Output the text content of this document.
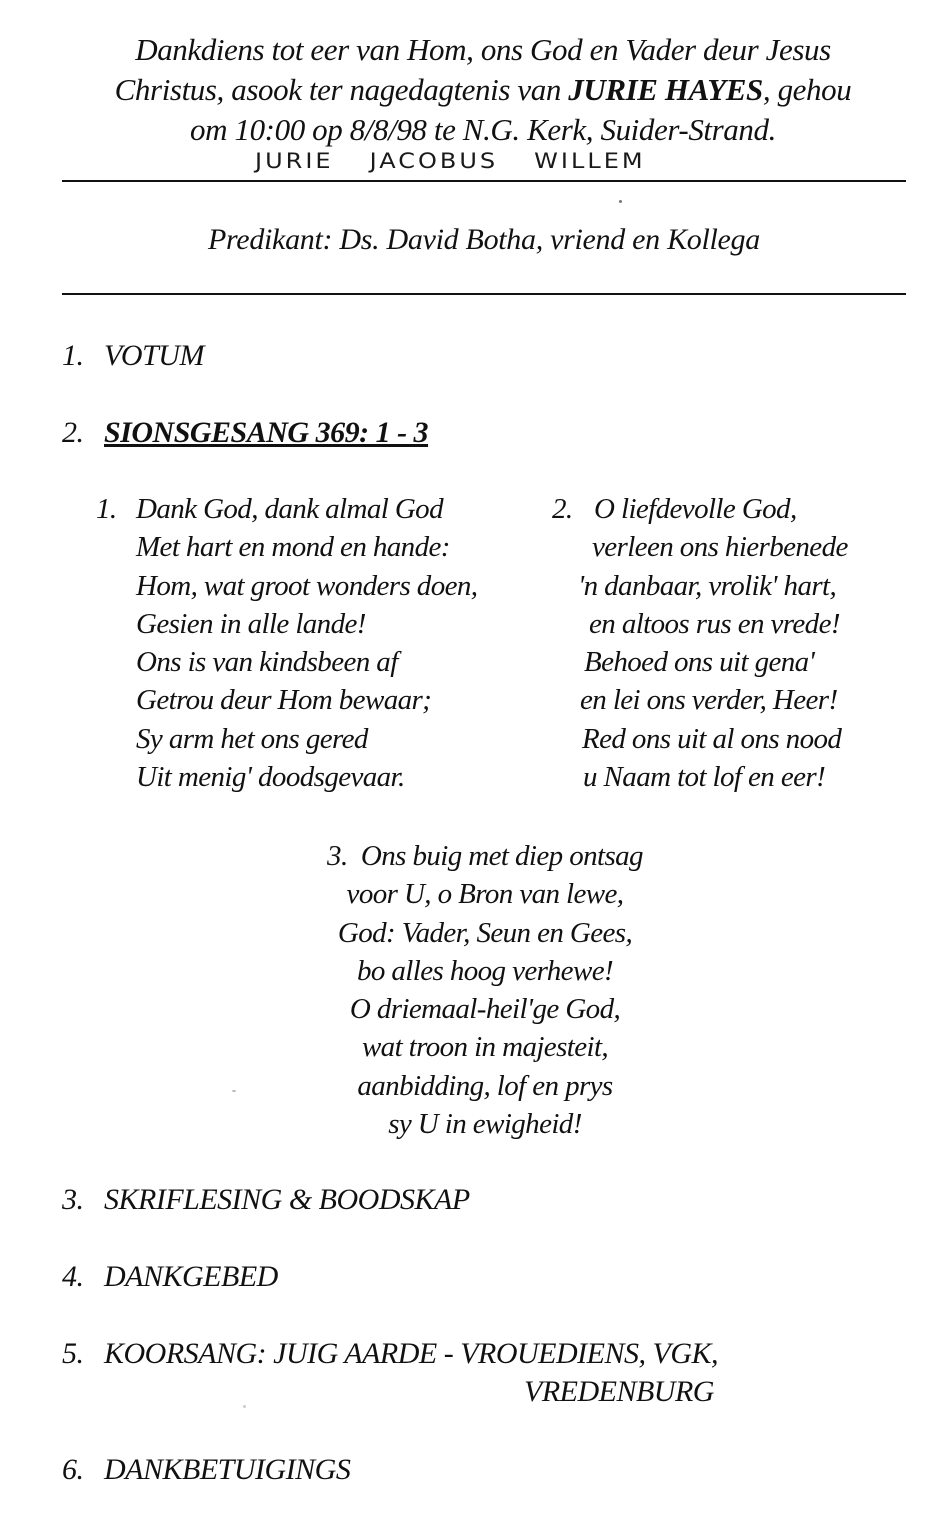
Dankdiens tot eer van Hom, ons God en Vader deur Jesus
Christus, asook ter nagedagtenis van JURIE HAYES, gehou
om 10:00 op 8/8/98 te N.G. Kerk, Suider-Strand.
JURIE JACOBUS WILLEM
Predikant: Ds. David Botha, vriend en Kollega
1. VOTUM
2. SIONSGESANG 369: 1 - 3
1. Dank God, dank almal God
Met hart en mond en hande:
Hom, wat groot wonders doen,
Gesien in alle lande!
Ons is van kindsbeen af
Getrou deur Hom bewaar;
Sy arm het ons gered
Uit menig' doodsgevaar.
2. O liefdevolle God,
verleen ons hierbenede
'n danbaar, vrolik' hart,
en altoos rus en vrede!
Behoed ons uit gena'
en lei ons verder, Heer!
Red ons uit al ons nood
u Naam tot lof en eer!
3. Ons buig met diep ontsag
voor U, o Bron van lewe,
God: Vader, Seun en Gees,
bo alles hoog verhewe!
O driemaal-heil'ge God,
wat troon in majesteit,
aanbidding, lof en prys
sy U in ewigheid!
3. SKRIFLESING & BOODSKAP
4. DANKGEBED
5. KOORSANG: JUIG AARDE - VROUEDIENS, VGK,
VREDENBURG
6. DANKBETUIGINGS
